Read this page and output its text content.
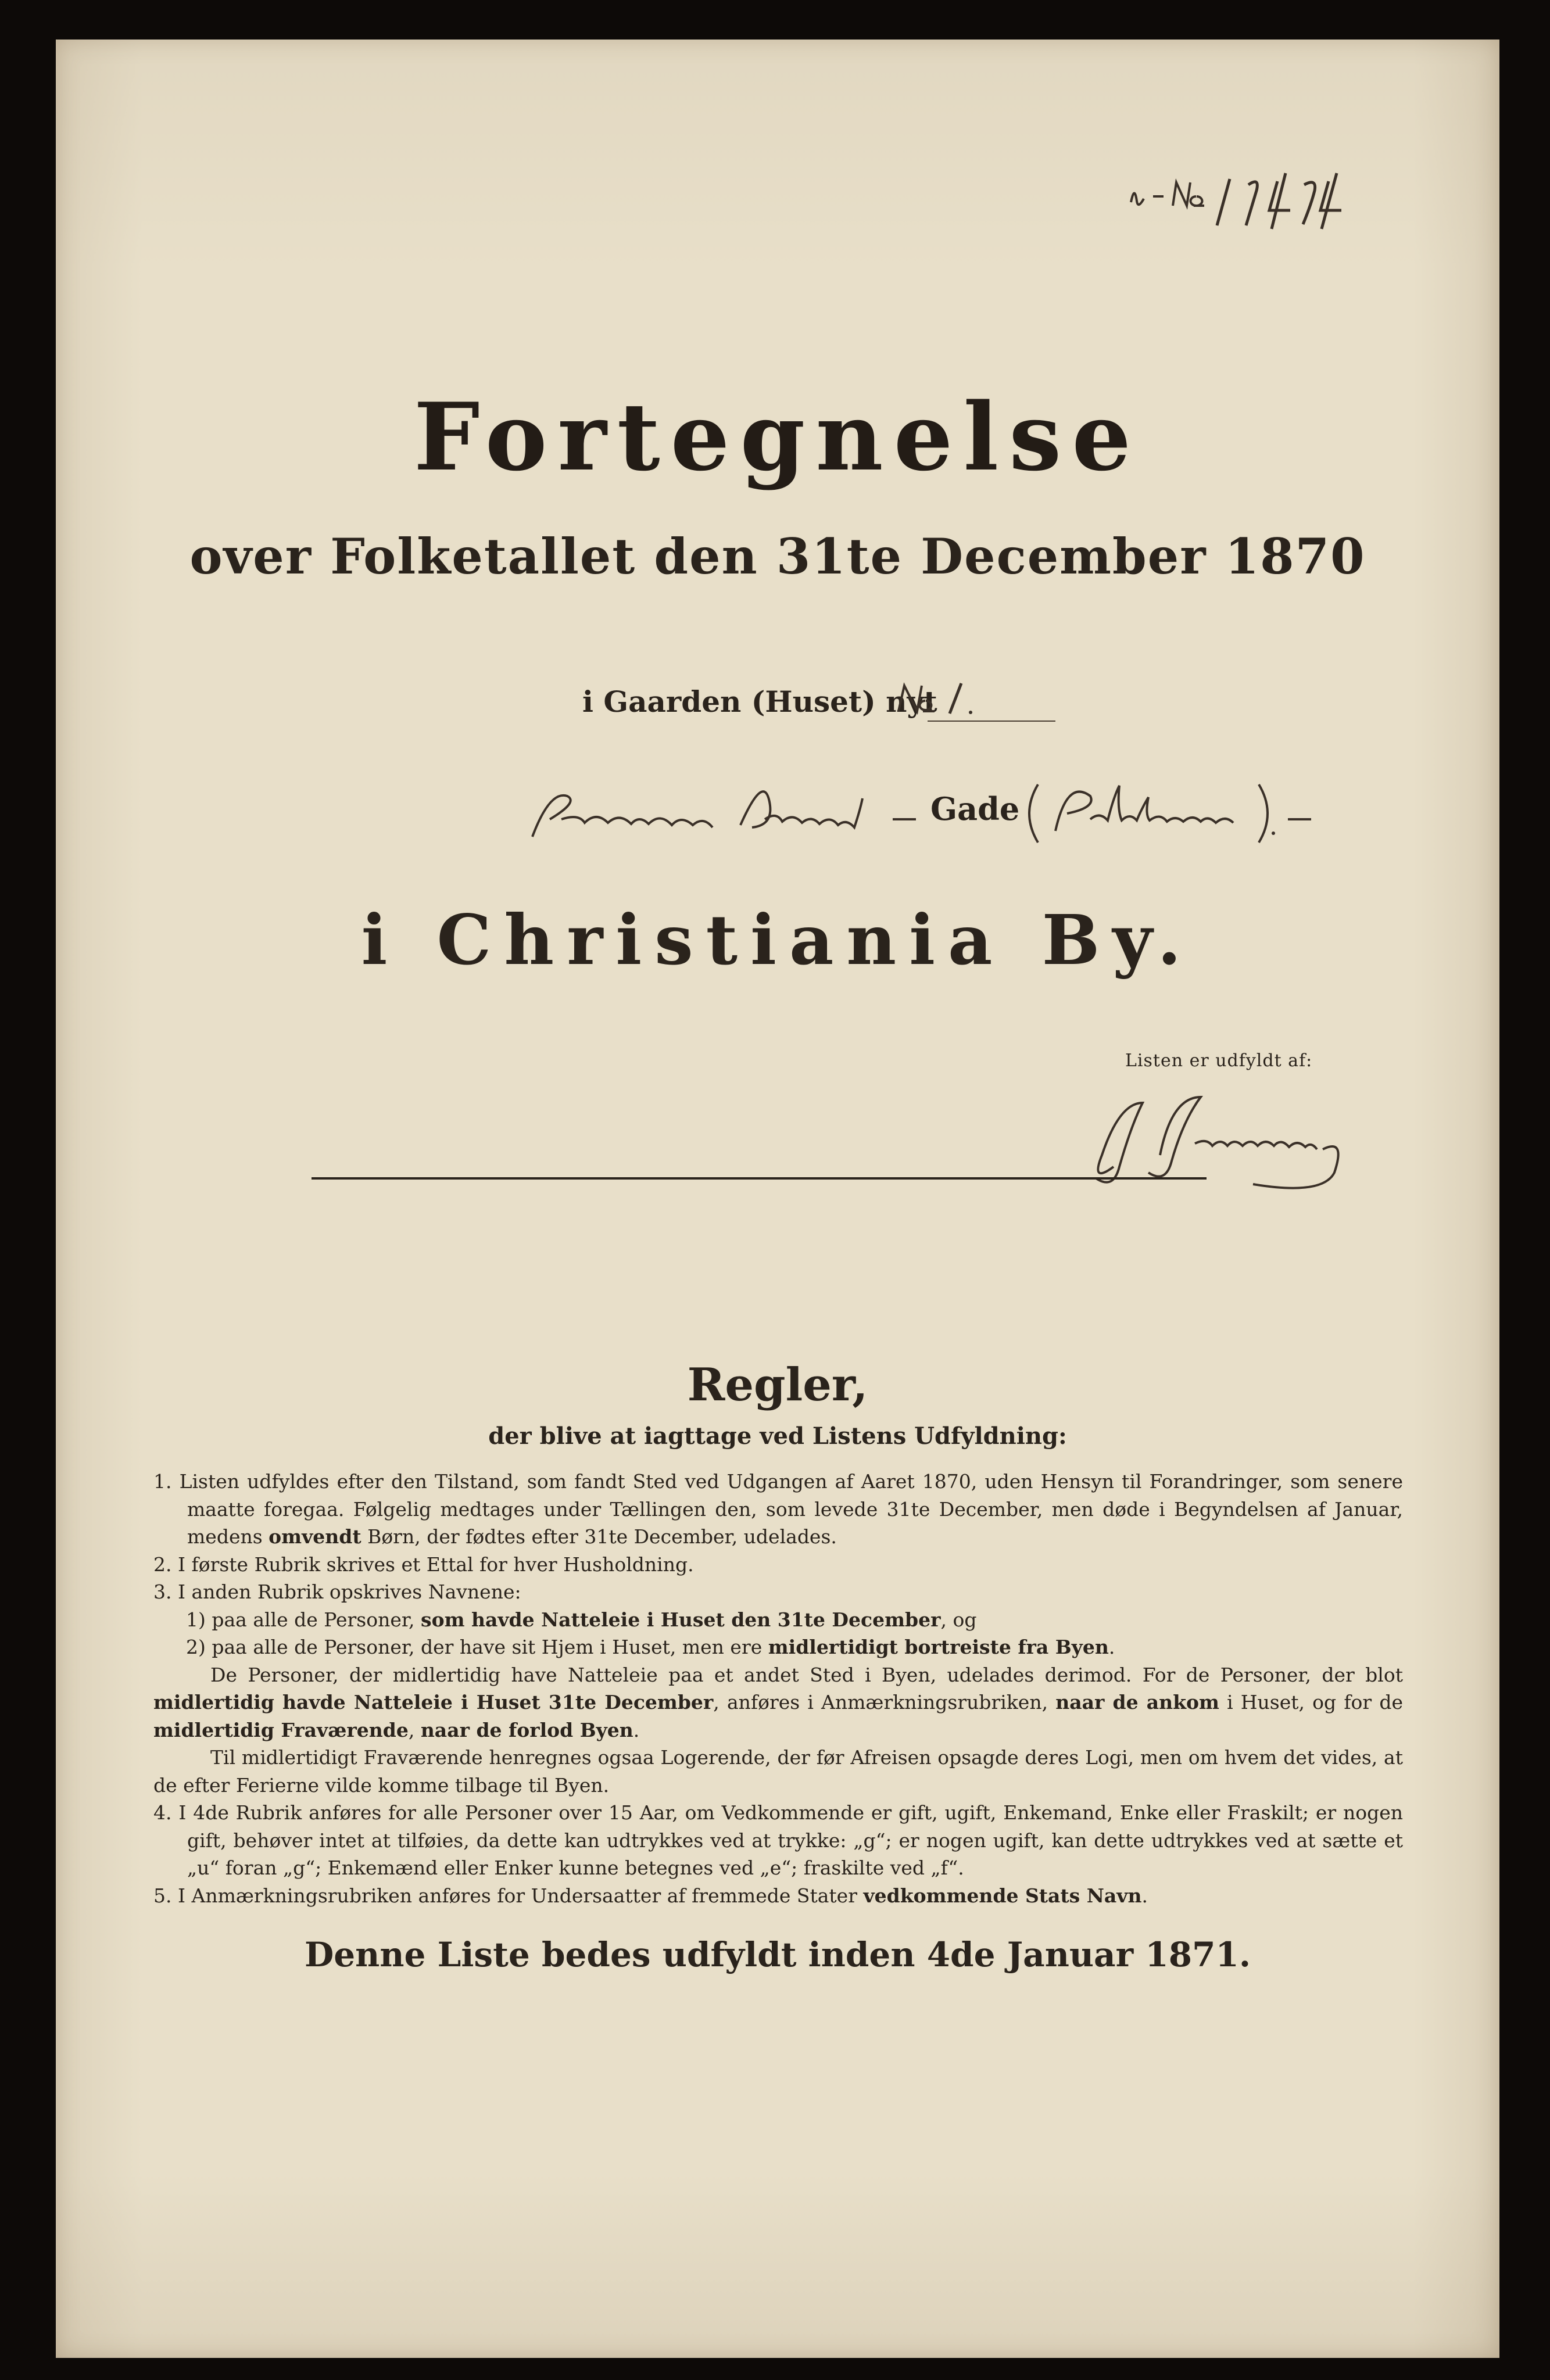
Fortegnelse
over Folketallet den 31te December 1870
i Gaarden (Huset) nyt
Gade
i Christiania By.
Listen er udfyldt af:
Regler,
der blive at iagttage ved Listens Udfyldning:

1. Listen udfyldes efter den Tilstand, som fandt Sted ved Udgangen af Aaret 1870, uden Hensyn til Forandringer, som senere maatte foregaa. Følgelig medtages under Tællingen den, som levede 31te December, men døde i Begyndelsen af Januar, medens omvendt Børn, der fødtes efter 31te December, udelades.

2. I første Rubrik skrives et Ettal for hver Husholdning.

3. I anden Rubrik opskrives Navnene:

1) paa alle de Personer, som havde Natteleie i Huset den 31te December, og

2) paa alle de Personer, der have sit Hjem i Huset, men ere midlertidigt bortreiste fra Byen.

De Personer, der midlertidig have Natteleie paa et andet Sted i Byen, udelades derimod. For de Personer, der blot midlertidig havde Natteleie i Huset 31te December, anføres i Anmærkningsrubriken, naar de ankom i Huset, og for de midlertidig Fraværende, naar de forlod Byen.

Til midlertidigt Fraværende henregnes ogsaa Logerende, der før Afreisen opsagde deres Logi, men om hvem det vides, at de efter Ferierne vilde komme tilbage til Byen.

4. I 4de Rubrik anføres for alle Personer over 15 Aar, om Vedkommende er gift, ugift, Enkemand, Enke eller Fraskilt; er nogen gift, behøver intet at tilføies, da dette kan udtrykkes ved at trykke: „g“; er nogen ugift, kan dette udtrykkes ved at sætte et „u“ foran „g“; Enkemænd eller Enker kunne betegnes ved „e“; fraskilte ved „f“.

5. I Anmærkningsrubriken anføres for Undersaatter af fremmede Stater vedkommende Stats Navn.

Denne Liste bedes udfyldt inden 4de Januar 1871.
